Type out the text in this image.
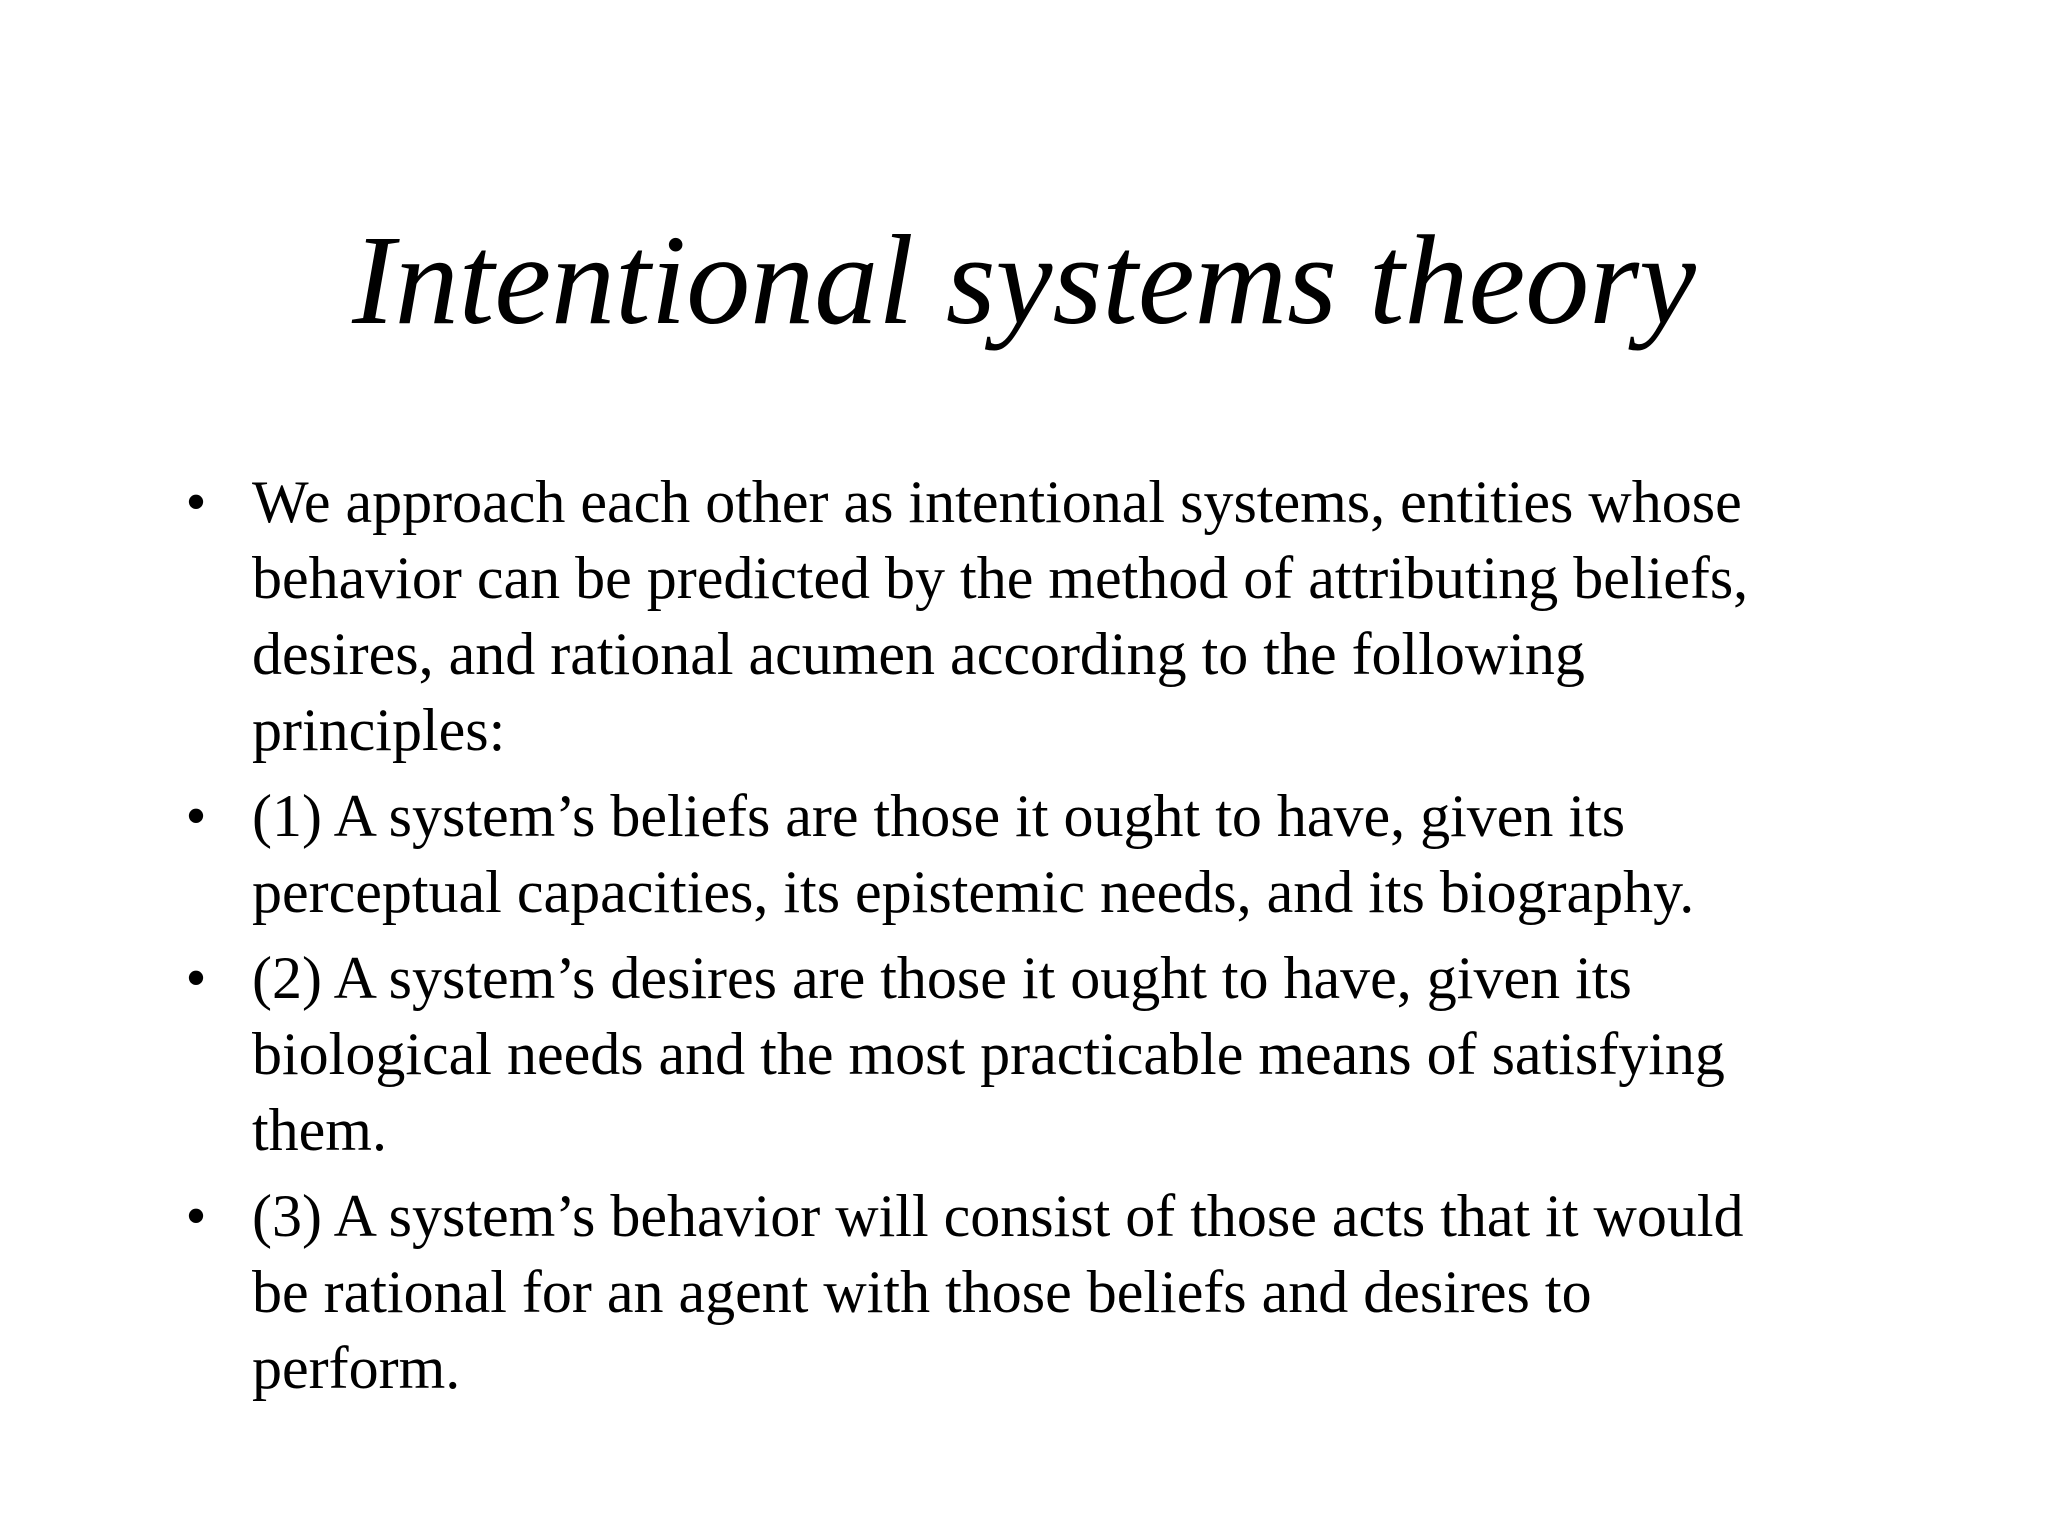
Intentional systems theory
• We approach each other as intentional systems, entities whose
behavior can be predicted by the method of attributing beliefs,
desires, and rational acumen according to the following
principles:
• (1) A system’s beliefs are those it ought to have, given its
perceptual capacities, its epistemic needs, and its biography.
• (2) A system’s desires are those it ought to have, given its
biological needs and the most practicable means of satisfying
them.
• (3) A system’s behavior will consist of those acts that it would
be rational for an agent with those beliefs and desires to
perform.
